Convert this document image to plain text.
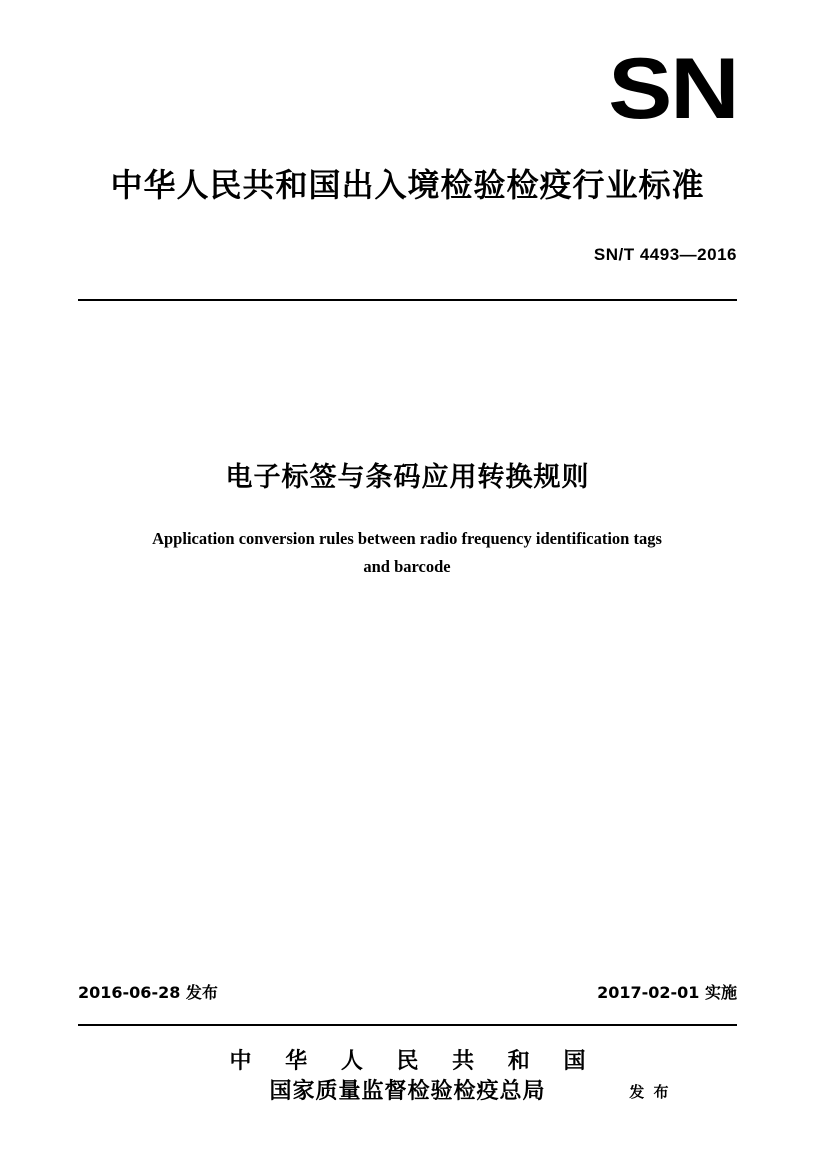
SN
中华人民共和国出入境检验检疫行业标准
SN/T 4493—2016
电子标签与条码应用转换规则
Application conversion rules between radio frequency identification tags
and barcode
2016-06-28 发布	2017-02-01 实施
中 华 人 民 共 和 国
国家质量监督检验检疫总局	发 布
